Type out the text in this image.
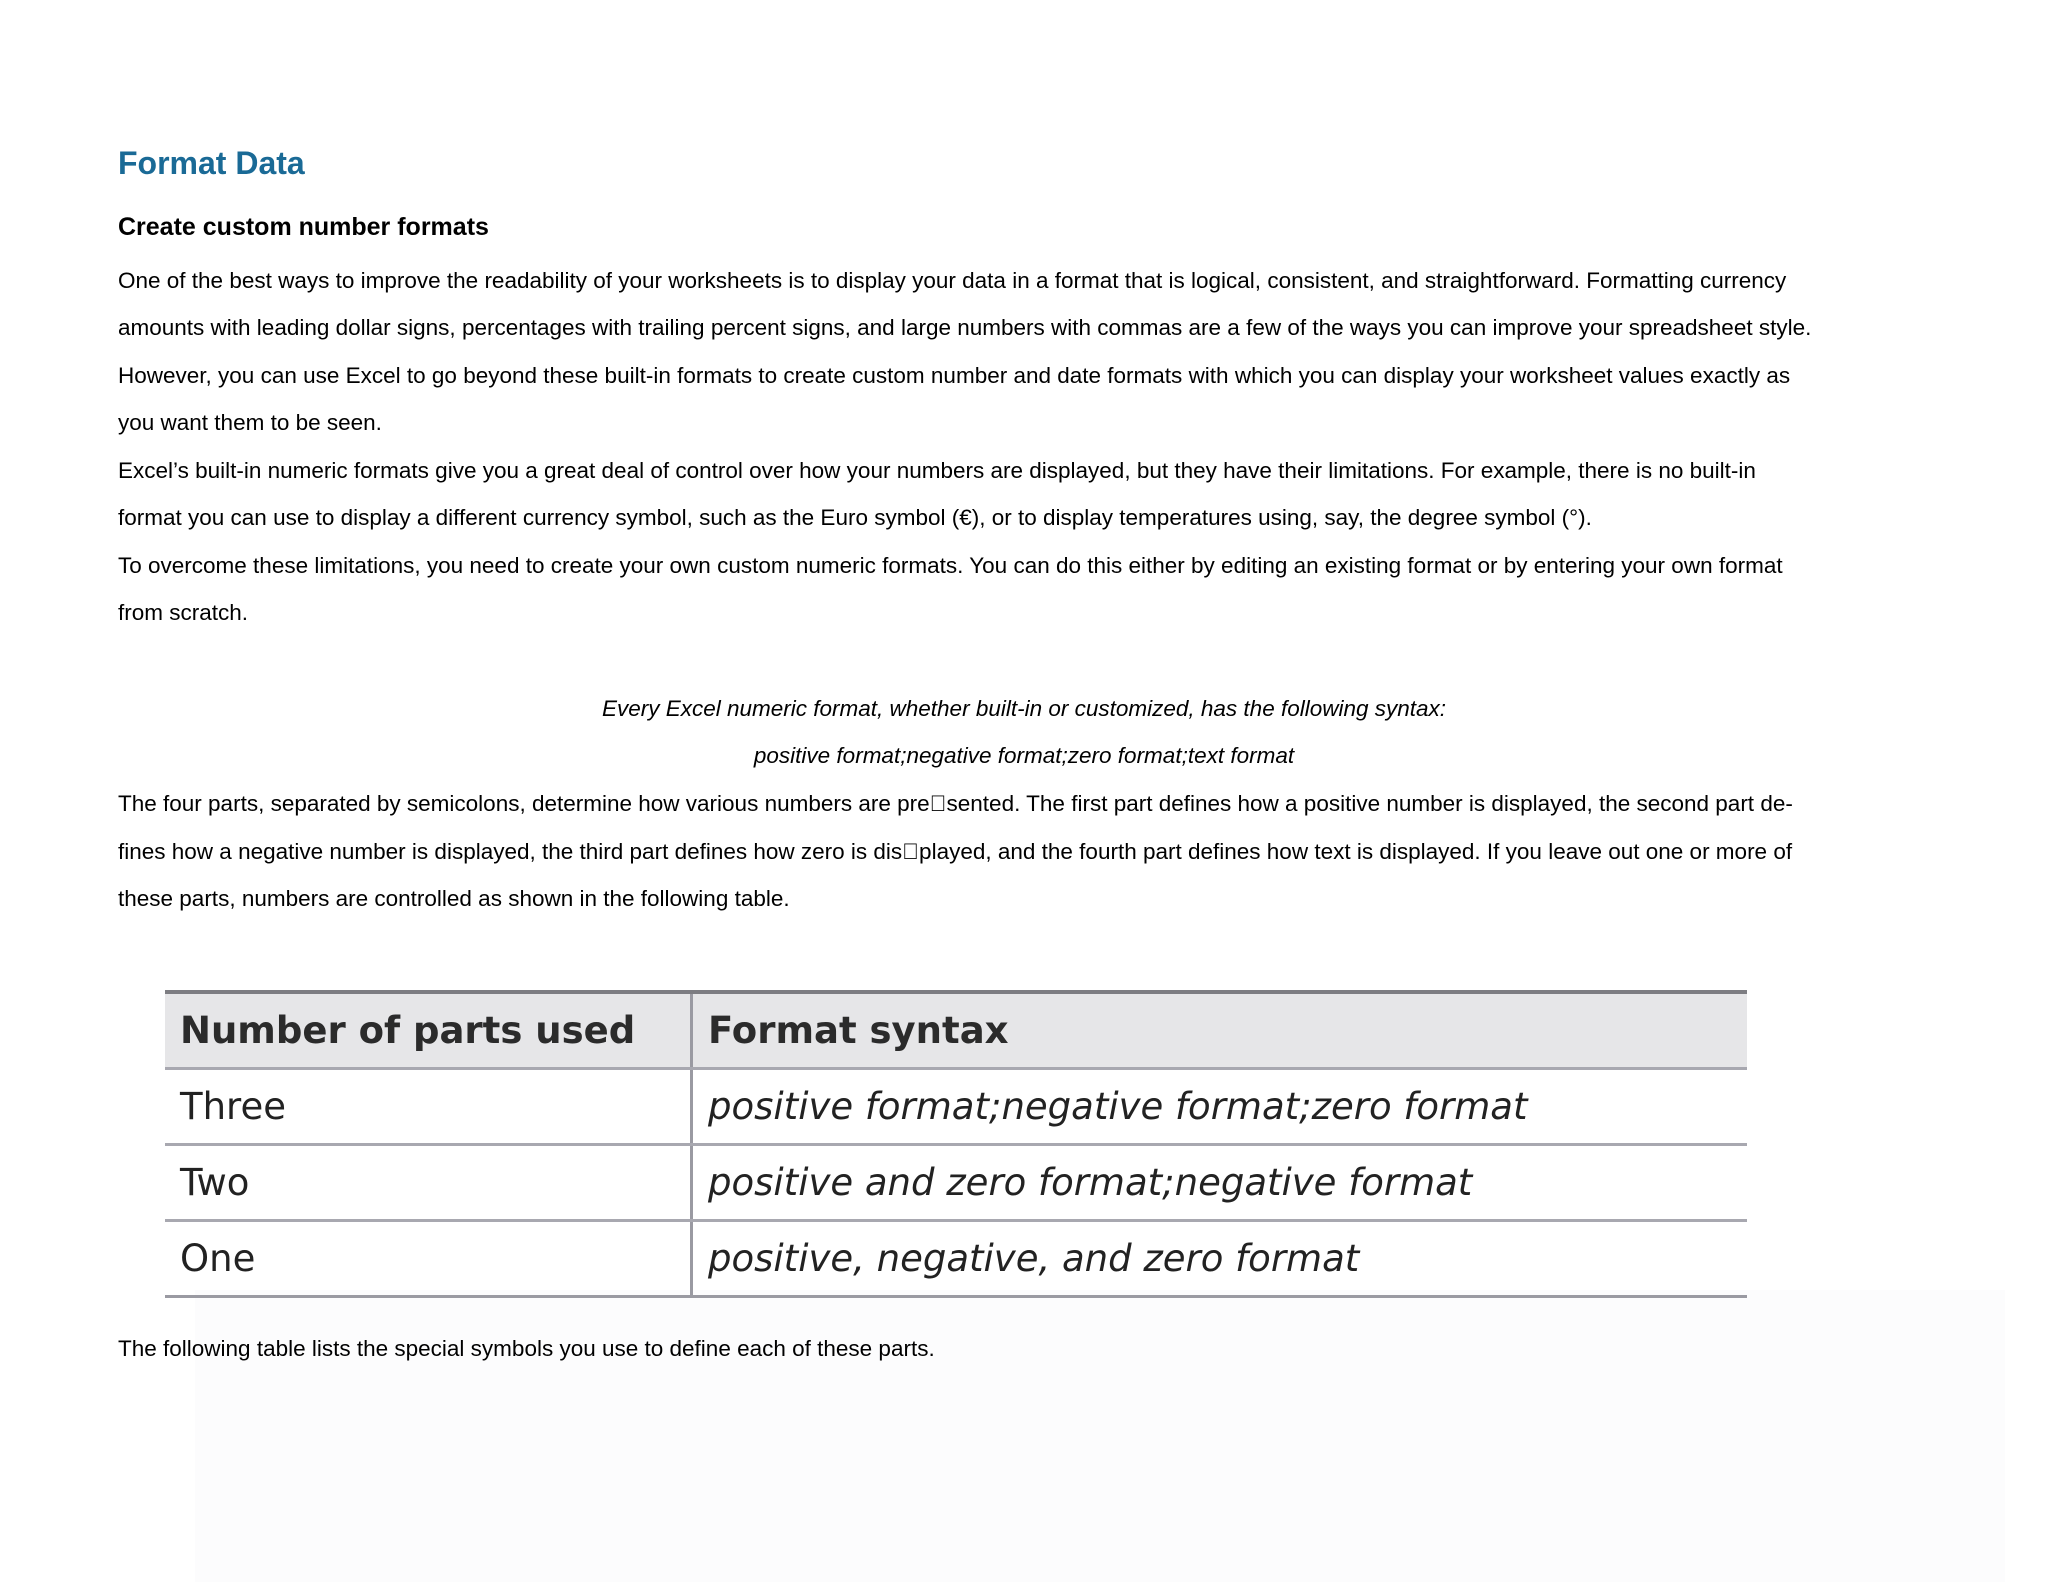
Format Data
Create custom number formats
One of the best ways to improve the readability of your worksheets is to display your data in a format that is logical, consistent, and straightforward. Formatting currency
amounts with leading dollar signs, percentages with trailing percent signs, and large numbers with commas are a few of the ways you can improve your spreadsheet style.
However, you can use Excel to go beyond these built-in formats to create custom number and date formats with which you can display your worksheet values exactly as
you want them to be seen.
Excel’s built-in numeric formats give you a great deal of control over how your numbers are displayed, but they have their limitations. For example, there is no built-in
format you can use to display a different currency symbol, such as the Euro symbol (€), or to display temperatures using, say, the degree symbol (°).
To overcome these limitations, you need to create your own custom numeric formats. You can do this either by editing an existing format or by entering your own format
from scratch.
Every Excel numeric format, whether built-in or customized, has the following syntax:
positive format;negative format;zero format;text format
The four parts, separated by semicolons, determine how various numbers are pre sented. The first part defines how a positive number is displayed, the second part de-
fines how a negative number is displayed, the third part defines how zero is dis played, and the fourth part defines how text is displayed. If you leave out one or more of
these parts, numbers are controlled as shown in the following table.
Number of parts used	Format syntax
Three	positive format;negative format;zero format
Two	positive and zero format;negative format
One	positive, negative, and zero format
The following table lists the special symbols you use to define each of these parts.
